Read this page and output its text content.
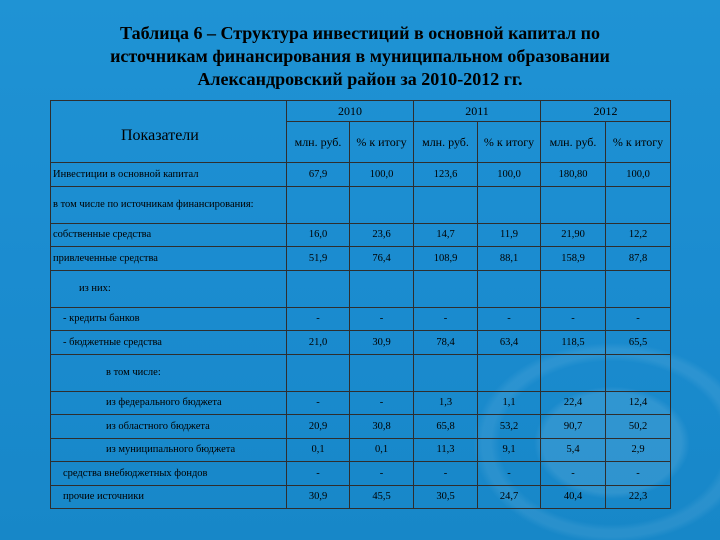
Таблица 6 – Структура инвестиций в основной капитал по
источникам финансирования в муниципальном образовании
Александровский район за 2010-2012 гг.
Показатели	2010		2011		2012	
	млн. руб.	% к итогу	млн. руб.	% к итогу	млн. руб.	% к итогу
Инвестиции в основной капитал	67,9	100,0	123,6	100,0	180,80	100,0
в том числе по источникам финансирования:						
собственные средства	16,0	23,6	14,7	11,9	21,90	12,2
привлеченные средства	51,9	76,4	108,9	88,1	158,9	87,8
из них:						
- кредиты банков	-	-	-	-	-	-
- бюджетные средства	21,0	30,9	78,4	63,4	118,5	65,5
в том числе:						
из федерального бюджета	-	-	1,3	1,1	22,4	12,4
из областного бюджета	20,9	30,8	65,8	53,2	90,7	50,2
из муниципального бюджета	0,1	0,1	11,3	9,1	5,4	2,9
средства внебюджетных фондов	-	-	-	-	-	-
прочие источники	30,9	45,5	30,5	24,7	40,4	22,3
